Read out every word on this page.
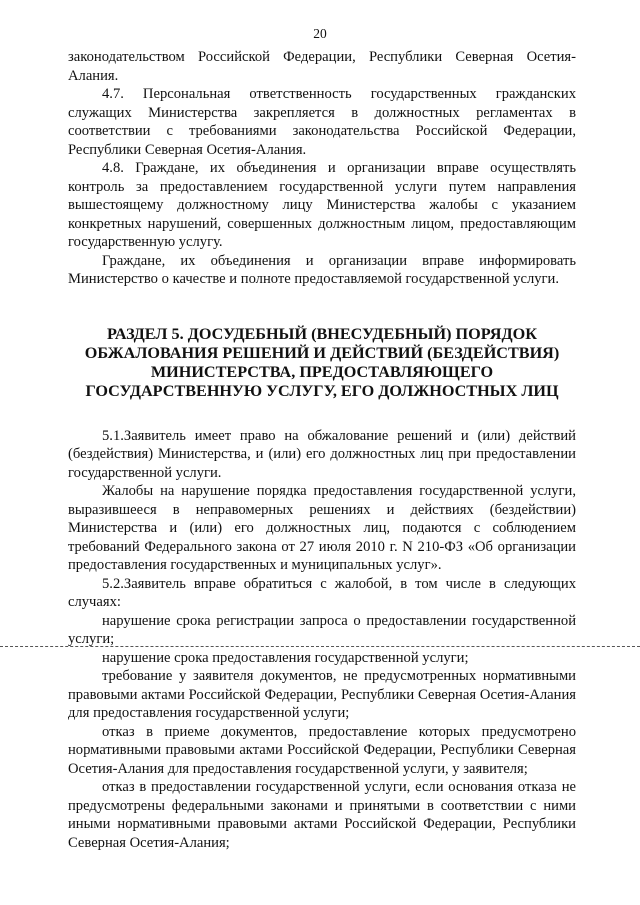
20

законодательством Российской Федерации, Республики Северная Осетия-Алания.

4.7. Персональная ответственность государственных гражданских служащих Министерства закрепляется в должностных регламентах в соответствии с требованиями законодательства Российской Федерации, Республики Северная Осетия-Алания.

4.8. Граждане, их объединения и организации вправе осуществлять контроль за предоставлением государственной услуги путем направления вышестоящему должностному лицу Министерства жалобы с указанием конкретных нарушений, совершенных должностным лицом, предоставляющим государственную услугу.

Граждане, их объединения и организации вправе информировать Министерство о качестве и полноте предоставляемой государственной услуги.

РАЗДЕЛ 5. ДОСУДЕБНЫЙ (ВНЕСУДЕБНЫЙ) ПОРЯДОК ОБЖАЛОВАНИЯ РЕШЕНИЙ И ДЕЙСТВИЙ (БЕЗДЕЙСТВИЯ) МИНИСТЕРСТВА, ПРЕДОСТАВЛЯЮЩЕГО ГОСУДАРСТВЕННУЮ УСЛУГУ, ЕГО ДОЛЖНОСТНЫХ ЛИЦ

5.1.Заявитель имеет право на обжалование решений и (или) действий (бездействия) Министерства, и (или) его должностных лиц при предоставлении государственной услуги.

Жалобы на нарушение порядка предоставления государственной услуги, выразившееся в неправомерных решениях и действиях (бездействии) Министерства и (или) его должностных лиц, подаются с соблюдением требований Федерального закона от 27 июля 2010 г. N 210-ФЗ «Об организации предоставления государственных и муниципальных услуг».

5.2.Заявитель вправе обратиться с жалобой, в том числе в следующих случаях:

нарушение срока регистрации запроса о предоставлении государственной услуги;

нарушение срока предоставления государственной услуги;

требование у заявителя документов, не предусмотренных нормативными правовыми актами Российской Федерации, Республики Северная Осетия-Алания для предоставления государственной услуги;

отказ в приеме документов, предоставление которых предусмотрено нормативными правовыми актами Российской Федерации, Республики Северная Осетия-Алания для предоставления государственной услуги, у заявителя;

отказ в предоставлении государственной услуги, если основания отказа не предусмотрены федеральными законами и принятыми в соответствии с ними иными нормативными правовыми актами Российской Федерации, Республики Северная Осетия-Алания;
